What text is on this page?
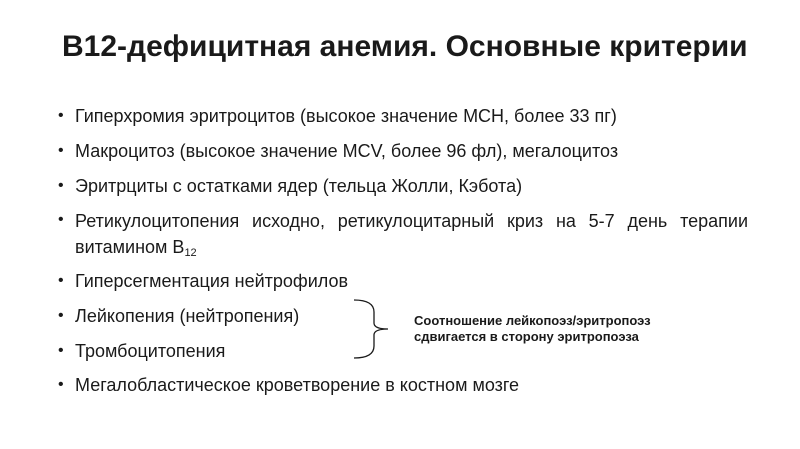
B12-дефицитная анемия. Основные критерии
• Гиперхромия эритроцитов (высокое значение МСН, более 33 пг)
• Макроцитоз (высокое значение MCV, более 96 фл), мегалоцитоз
• Эритрциты с остатками ядер (тельца Жолли, Кэбота)
• Ретикулоцитопения исходно, ретикулоцитарный криз на 5-7 день терапии витамином $В_{12}$
• Гиперсегментация нейтрофилов
• Лейкопения (нейтропения)
• Тромбоцитопения
• Мегалобластическое кроветворение в костном мозге
Соотношение лейкопоэз/эритропоэз сдвигается в сторону эритропоэза
